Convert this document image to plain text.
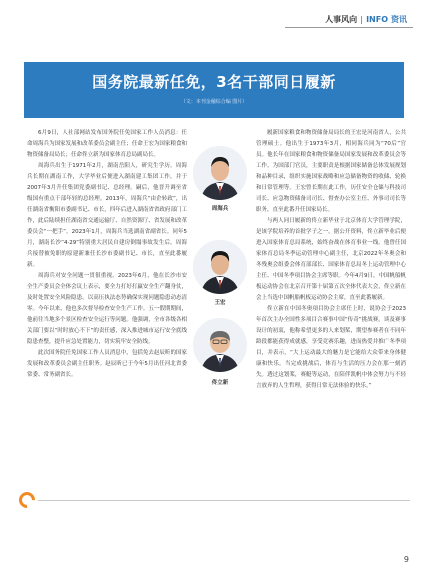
人事风向 | INFO 资讯
国务院最新任免，3名干部同日履新
（文：本刊金融综合编 图片）

6月9日，人社部网站发布国务院任免国家工作人员消息：任命周海兵为国家发展和改革委员会副主任；任命王宏为国家粮食和物资储备局局长；任命佟立新为国家体育总局副局长。

周海兵出生于1971年2月，湖南岳阳人，研究生学历。周海兵长期在湖南工作，大学毕业后便进入湖南建工集团工作，并于2007年3月升任集团党委副书记、总经理。嗣后，他晋升调至省级国有重点干部年轻的总经理。2013年，周海兵“由企转政”，出任湖南省衡阳市委副书记、市长，四年后进入湖南省省政府部门工作，此后陆续担任湖南省交通运输厅、自然资源厅、省发展和改革委员会“一把手”。2023年1月，周海兵当选湖南省副省长。同年5月，湖南长沙“4·29”特别重大居民自建房倒塌事故发生后，周海兵接替被免职的原建新兼任长沙市委副书记、市长，直至此番履新。

周海兵对安全问题一贯很重视。2023年6月，他在长沙市安全生产委员会全体会议上表示，要全力打好打赢安全生产翻身仗，及时处置安全风险隐患，以高压执法态势确保实现问题隐患动态清零。今年以来，他也多次督导检查安全生产工作。五一假期期间，他前往当地多个景区检查安全运行等问题。他强调，全市各级各相关部门要以“时时放心不下”的责任感，深入推进城市运行安全底线隐患查整，提升应急处置能力，切实筑牢安全防线。

此次国务院任免国家工作人员消息中，包括免去赵辰昕的国家发展和改革委员会副主任职务。赵辰昕已于今年5月出任河北省委常委、常务副省长。

周海兵
王宏
佟立新

履新国家粮食和物资储备局局长的王宏是河南省人，公共管理硕士。他出生于1973年3月，相同海兵同为“70后”官员。他长年在国家粮食和物资储备局国家发展和改革委员会等工作，为国部门官员，主要职责是根据国家储备总体发展规划和品种目录，组织实施国家战略和应急储备物资的收储、轮换和日常管理等。王宏曾长期在此工作，历任安全仓储与科技司司长、应急物资储备司司长、督查办公室主任、外事司司长等职务，直至此番升任国家局长。

与两人同日履新的佟立新毕业于北京体育大学管理学院，是该学院培养的首批学子之一。据公开资料，佟立新毕业后便进入国家体育总局系统，始终奋战在体育事业一线。他曾任国家体育总局冬季运动管理中心副主任，北京2022年冬奥会和冬残奥会组委会体育部部长、国家体育总局冬上运动管理中心主任、中国冬季项目协会主席等职。今年4月9日，中国帆船帆板运动协会在北京召开第十届第五次全体代表大会，佟立新在会上当选中国帆船帆板运动协会主席，直至此番履新。

佟立新在中国冬奥项目协会主席任上时，说协会于2023年首次主办全国性多项目合赛事中国“传奇”挑战赛。谈及赛事设计的初衷，他称希望更多的人来划桨，期望参赛者在不同年龄段都能获得成就感，享受竞赛乐趣，进而热爱并推广冬季项目，并表示，“大上运动最大的魅力是它能给大众带来身体健康和快乐。当完成挑战后，体育与生活的压力会在那一刻消失。透过这划桨，赛艇等运动，在陪伴凯帆中体会努力与不轻言放弃的人生哲理，获得日常无法体验的快乐。”

9
